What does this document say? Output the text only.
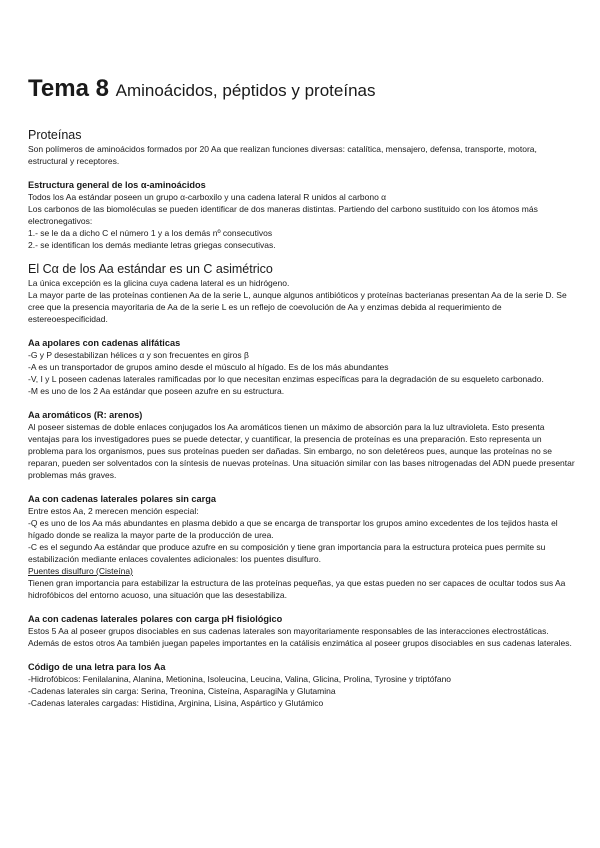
Tema 8 Aminoácidos, péptidos y proteínas
Proteínas

Son polímeros de aminoácidos formados por 20 Aa que realizan funciones diversas: catalítica, mensajero, defensa, transporte, motora, estructural y receptores.

Estructura general de los α-aminoácidos

Todos los Aa estándar poseen un grupo α-carboxilo y una cadena lateral R unidos al carbono α

Los carbonos de las biomoléculas se pueden identificar de dos maneras distintas. Partiendo del carbono sustituido con los átomos más electronegativos:

1.- se le da a dicho C el número 1 y a los demás nº consecutivos

2.- se identifican los demás mediante letras griegas consecutivas.

El Cα de los Aa estándar es un C asimétrico

La única excepción es la glicina cuya cadena lateral es un hidrógeno.

La mayor parte de las proteínas contienen Aa de la serie L, aunque algunos antibióticos y proteínas bacterianas presentan Aa de la serie D. Se cree que la presencia mayoritaria de Aa de la serie L es un reflejo de coevolución de Aa y enzimas debida al requerimiento de estereoespecificidad.

Aa apolares con cadenas alifáticas

-G y P desestabilizan hélices α y son frecuentes en giros β

-A es un transportador de grupos amino desde el músculo al hígado. Es de los más abundantes

-V, I y L poseen cadenas laterales ramificadas por lo que necesitan enzimas específicas para la degradación de su esqueleto carbonado.

-M es uno de los 2 Aa estándar que poseen azufre en su estructura.

Aa aromáticos (R: arenos)

Al poseer sistemas de doble enlaces conjugados los Aa aromáticos tienen un máximo de absorción para la luz ultravioleta. Esto presenta ventajas para los investigadores pues se puede detectar, y cuantificar, la presencia de proteínas es una preparación. Esto representa un problema para los organismos, pues sus proteínas pueden ser dañadas. Sin embargo, no son deletéreos pues, aunque las proteínas no se reparan, pueden ser solventados con la síntesis de nuevas proteínas. Una situación similar con las bases nitrogenadas del ADN puede presentar problemas más graves.

Aa con cadenas laterales polares sin carga

Entre estos Aa, 2 merecen mención especial:

-Q es uno de los Aa más abundantes en plasma debido a que se encarga de transportar los grupos amino excedentes de los tejidos hasta el hígado donde se realiza la mayor parte de la producción de urea.

-C es el segundo Aa estándar que produce azufre en su composición y tiene gran importancia para la estructura proteica pues permite su estabilización mediante enlaces covalentes adicionales: los puentes disulfuro.

Puentes disulfuro (Cisteína)

Tienen gran importancia para estabilizar la estructura de las proteínas pequeñas, ya que estas pueden no ser capaces de ocultar todos sus Aa hidrofóbicos del entorno acuoso, una situación que las desestabiliza.

Aa con cadenas laterales polares con carga pH fisiológico

Estos 5 Aa al poseer grupos disociables en sus cadenas laterales son mayoritariamente responsables de las interacciones electrostáticas. Además de estos otros Aa también juegan papeles importantes en la catálisis enzimática al poseer grupos disociables en sus cadenas laterales.

Código de una letra para los Aa

-Hidrofóbicos: Fenilalanina, Alanina, Metionina, Isoleucina, Leucina, Valina, Glicina, Prolina, Tyrosine y triptófano

-Cadenas laterales sin carga: Serina, Treonina, Cisteína, AsparagiNa y Glutamina

-Cadenas laterales cargadas: Histidina, Arginina, Lisina, Aspártico y Glutámico
